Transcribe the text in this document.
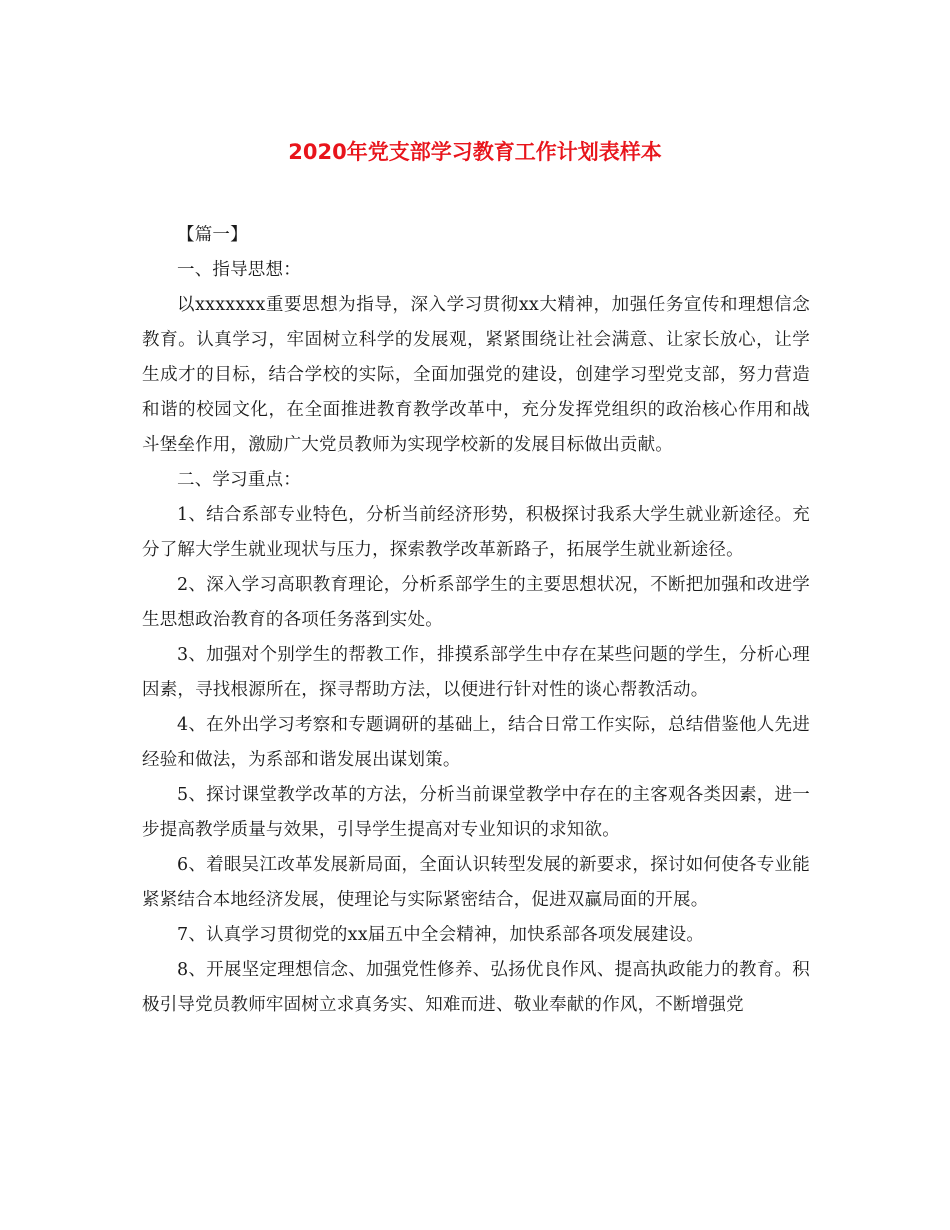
2020年党支部学习教育工作计划表样本

【篇一】

一、指导思想：

以xxxxxxx重要思想为指导，深入学习贯彻xx大精神，加强任务宣传和理想信念教育。认真学习，牢固树立科学的发展观，紧紧围绕让社会满意、让家长放心，让学生成才的目标，结合学校的实际，全面加强党的建设，创建学习型党支部，努力营造和谐的校园文化，在全面推进教育教学改革中，充分发挥党组织的政治核心作用和战斗堡垒作用，激励广大党员教师为实现学校新的发展目标做出贡献。

二、学习重点：

1、结合系部专业特色，分析当前经济形势，积极探讨我系大学生就业新途径。充分了解大学生就业现状与压力，探索教学改革新路子，拓展学生就业新途径。

2、深入学习高职教育理论，分析系部学生的主要思想状况，不断把加强和改进学生思想政治教育的各项任务落到实处。

3、加强对个别学生的帮教工作，排摸系部学生中存在某些问题的学生，分析心理因素，寻找根源所在，探寻帮助方法，以便进行针对性的谈心帮教活动。

4、在外出学习考察和专题调研的基础上，结合日常工作实际，总结借鉴他人先进经验和做法，为系部和谐发展出谋划策。

5、探讨课堂教学改革的方法，分析当前课堂教学中存在的主客观各类因素，进一步提高教学质量与效果，引导学生提高对专业知识的求知欲。

6、着眼吴江改革发展新局面，全面认识转型发展的新要求，探讨如何使各专业能紧紧结合本地经济发展，使理论与实际紧密结合，促进双赢局面的开展。

7、认真学习贯彻党的xx届五中全会精神，加快系部各项发展建设。

8、开展坚定理想信念、加强党性修养、弘扬优良作风、提高执政能力的教育。积极引导党员教师牢固树立求真务实、知难而进、敬业奉献的作风，不断增强党
